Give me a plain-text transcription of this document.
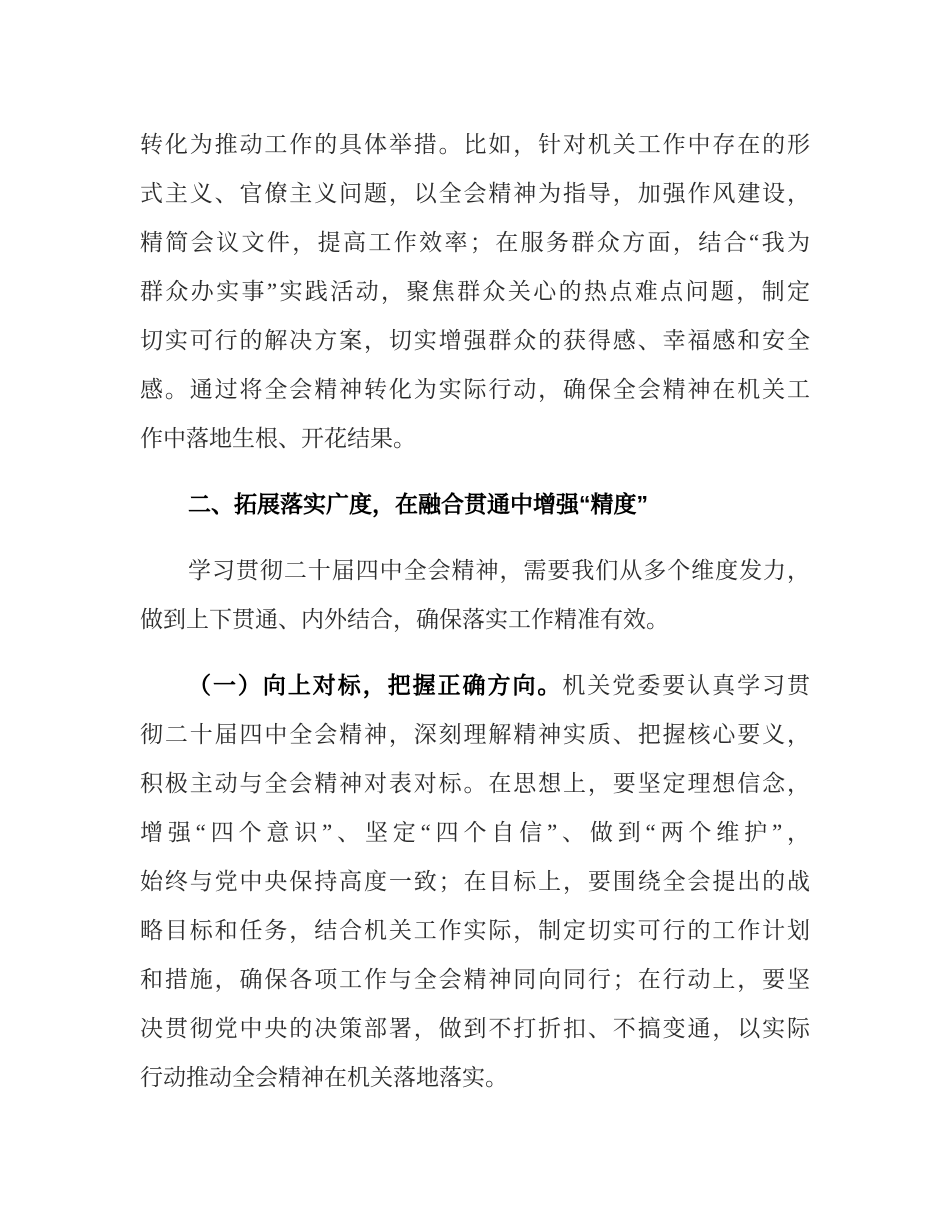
转化为推动工作的具体举措。比如，针对机关工作中存在的形
式主义、官僚主义问题，以全会精神为指导，加强作风建设，
精简会议文件，提高工作效率；在服务群众方面，结合“我为
群众办实事”实践活动，聚焦群众关心的热点难点问题，制定
切实可行的解决方案，切实增强群众的获得感、幸福感和安全
感。通过将全会精神转化为实际行动，确保全会精神在机关工
作中落地生根、开花结果。
二、拓展落实广度，在融合贯通中增强“精度”
学习贯彻二十届四中全会精神，需要我们从多个维度发力，
做到上下贯通、内外结合，确保落实工作精准有效。
（一）向上对标，把握正确方向。机关党委要认真学习贯
彻二十届四中全会精神，深刻理解精神实质、把握核心要义，
积极主动与全会精神对表对标。在思想上，要坚定理想信念，
增强“四个意识”、坚定“四个自信”、做到“两个维护”，
始终与党中央保持高度一致；在目标上，要围绕全会提出的战
略目标和任务，结合机关工作实际，制定切实可行的工作计划
和措施，确保各项工作与全会精神同向同行；在行动上，要坚
决贯彻党中央的决策部署，做到不打折扣、不搞变通，以实际
行动推动全会精神在机关落地落实。
